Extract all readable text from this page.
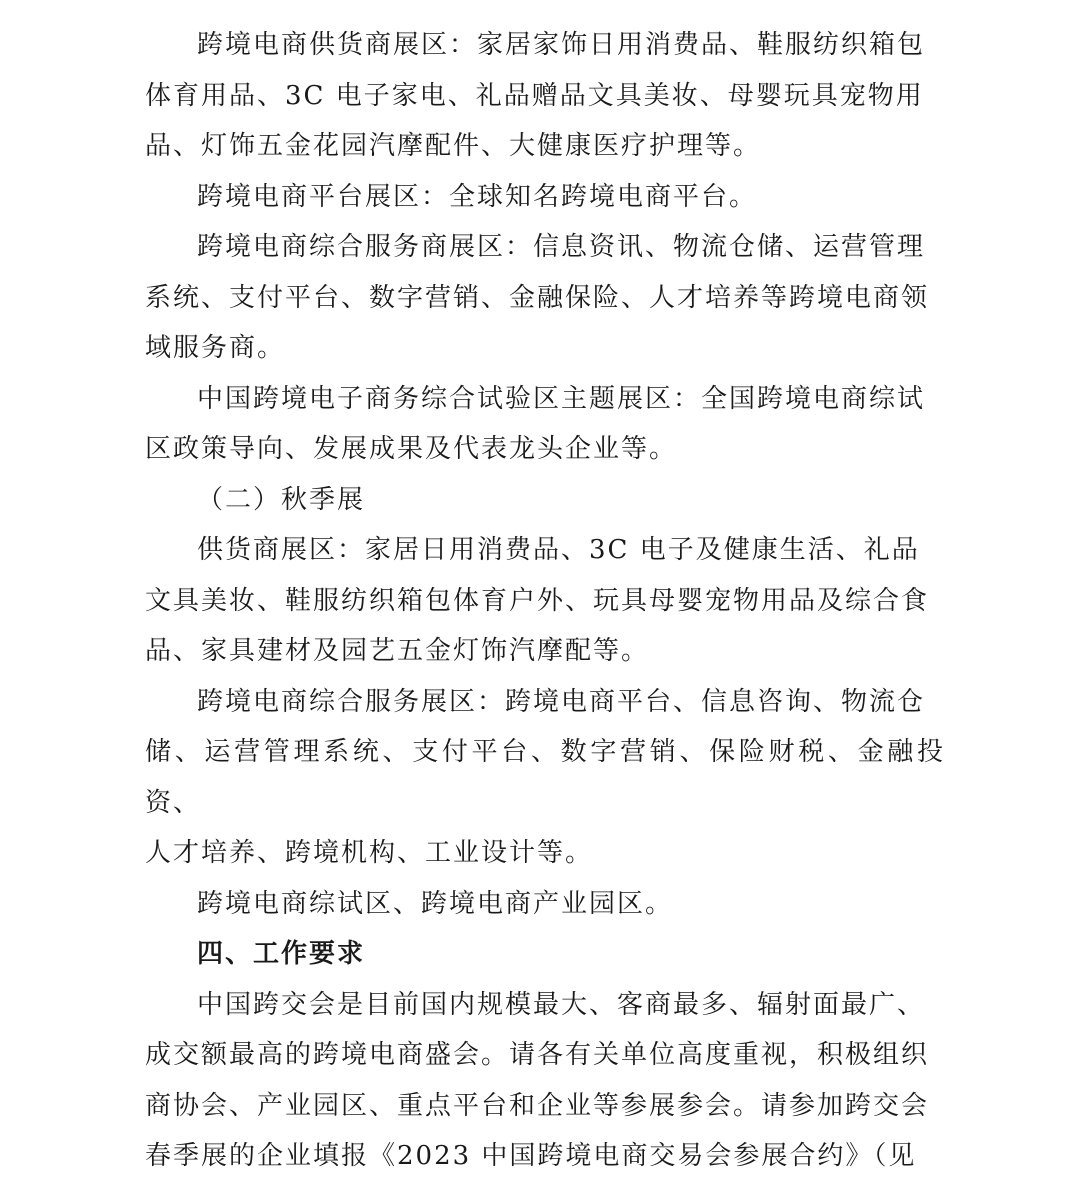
跨境电商供货商展区：家居家饰日用消费品、鞋服纺织箱包
体育用品、3C 电子家电、礼品赠品文具美妆、母婴玩具宠物用
品、灯饰五金花园汽摩配件、大健康医疗护理等。

跨境电商平台展区：全球知名跨境电商平台。

跨境电商综合服务商展区：信息资讯、物流仓储、运营管理
系统、支付平台、数字营销、金融保险、人才培养等跨境电商领
域服务商。

中国跨境电子商务综合试验区主题展区：全国跨境电商综试
区政策导向、发展成果及代表龙头企业等。

（二）秋季展

供货商展区：家居日用消费品、3C 电子及健康生活、礼品
文具美妆、鞋服纺织箱包体育户外、玩具母婴宠物用品及综合食
品、家具建材及园艺五金灯饰汽摩配等。

跨境电商综合服务展区：跨境电商平台、信息咨询、物流仓
储、运营管理系统、支付平台、数字营销、保险财税、金融投资、
人才培养、跨境机构、工业设计等。

跨境电商综试区、跨境电商产业园区。

四、工作要求

中国跨交会是目前国内规模最大、客商最多、辐射面最广、
成交额最高的跨境电商盛会。请各有关单位高度重视，积极组织
商协会、产业园区、重点平台和企业等参展参会。请参加跨交会
春季展的企业填报《2023 中国跨境电商交易会参展合约》（见
